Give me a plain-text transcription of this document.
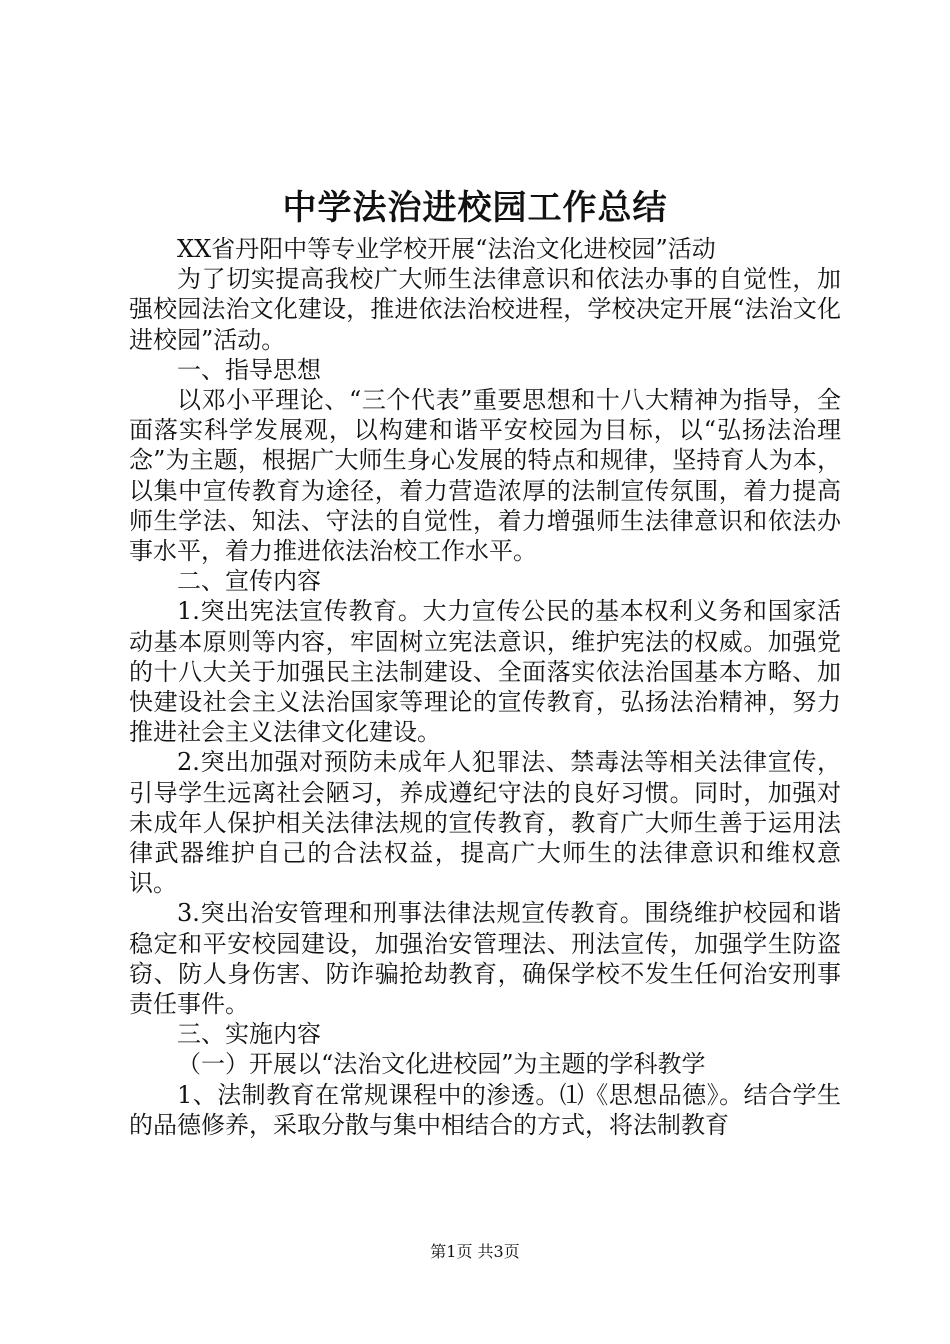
中学法治进校园工作总结

XX省丹阳中等专业学校开展“法治文化进校园”活动

为了切实提高我校广大师生法律意识和依法办事的自觉性，加强校园法治文化建设，推进依法治校进程，学校决定开展“法治文化进校园”活动。

一、指导思想

以邓小平理论、“三个代表”重要思想和十八大精神为指导，全面落实科学发展观，以构建和谐平安校园为目标，以“弘扬法治理念”为主题，根据广大师生身心发展的特点和规律，坚持育人为本，以集中宣传教育为途径，着力营造浓厚的法制宣传氛围，着力提高师生学法、知法、守法的自觉性，着力增强师生法律意识和依法办事水平，着力推进依法治校工作水平。

二、宣传内容

1.突出宪法宣传教育。大力宣传公民的基本权利义务和国家活动基本原则等内容，牢固树立宪法意识，维护宪法的权威。加强党的十八大关于加强民主法制建设、全面落实依法治国基本方略、加快建设社会主义法治国家等理论的宣传教育，弘扬法治精神，努力推进社会主义法律文化建设。

2.突出加强对预防未成年人犯罪法、禁毒法等相关法律宣传，引导学生远离社会陋习，养成遵纪守法的良好习惯。同时，加强对未成年人保护相关法律法规的宣传教育，教育广大师生善于运用法律武器维护自己的合法权益，提高广大师生的法律意识和维权意识。

3.突出治安管理和刑事法律法规宣传教育。围绕维护校园和谐稳定和平安校园建设，加强治安管理法、刑法宣传，加强学生防盗窃、防人身伤害、防诈骗抢劫教育，确保学校不发生任何治安刑事责任事件。

三、实施内容

（一）开展以“法治文化进校园”为主题的学科教学

1、法制教育在常规课程中的渗透。⑴《思想品德》。结合学生的品德修养，采取分散与集中相结合的方式，将法制教育

第1页 共3页
